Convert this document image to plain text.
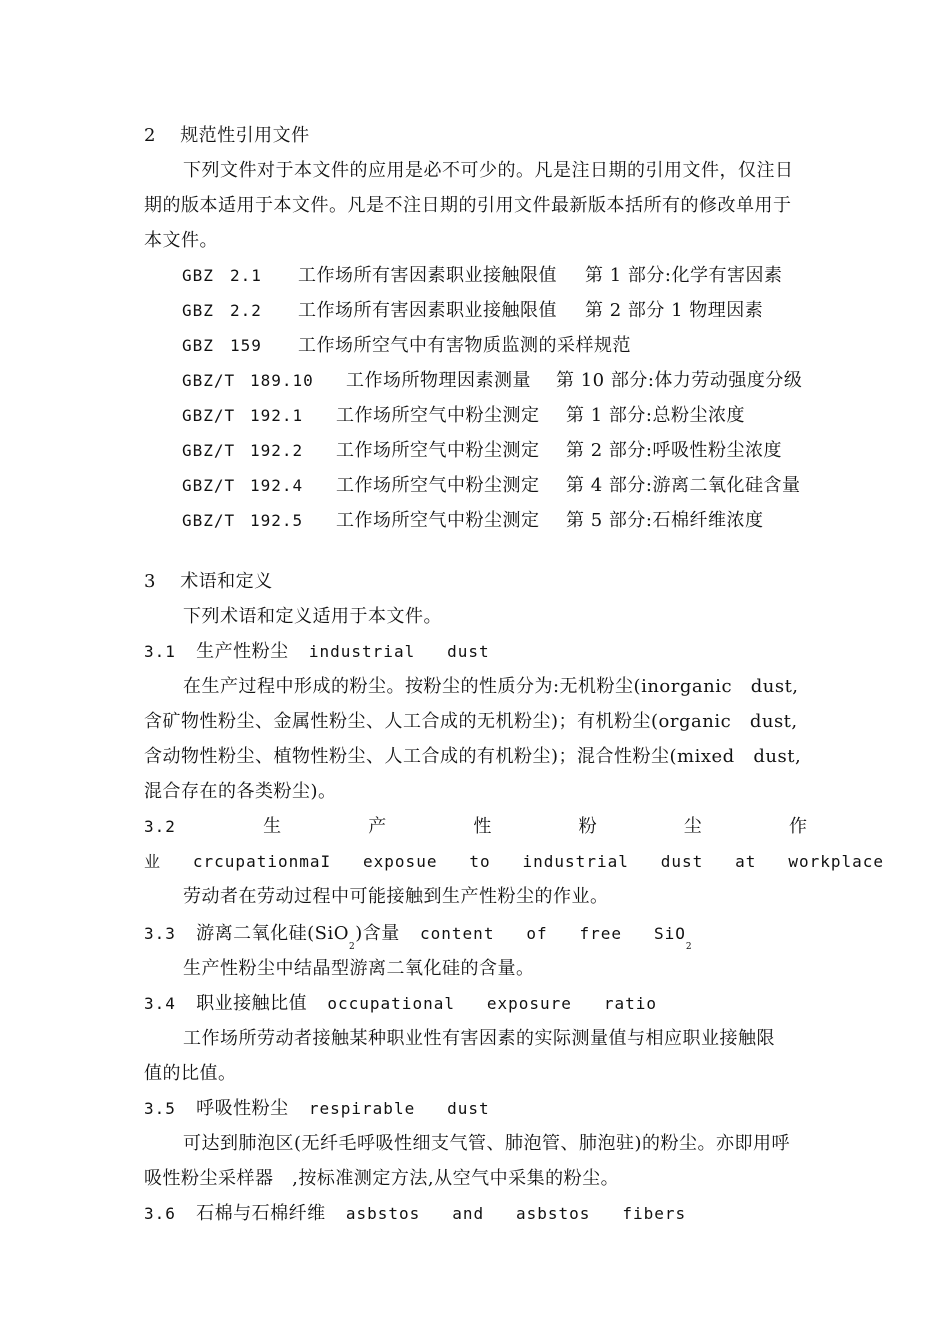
2 规范性引用文件
下列文件对于本文件的应用是必不可少的。凡是注日期的引用文件，仅注日
期的版本适用于本文件。凡是不注日期的引用文件最新版本括所有的修改单用于
本文件。
GBZ 2.1 工作场所有害因素职业接触限值 第 1 部分:化学有害因素
GBZ 2.2 工作场所有害因素职业接触限值 第 2 部分 1 物理因素
GBZ 159 工作场所空气中有害物质监测的采样规范
GBZ/T 189.10 工作场所物理因素测量 第 10 部分:体力劳动强度分级
GBZ/T 192.1 工作场所空气中粉尘测定 第 1 部分:总粉尘浓度
GBZ/T 192.2 工作场所空气中粉尘测定 第 2 部分:呼吸性粉尘浓度
GBZ/T 192.4 工作场所空气中粉尘测定 第 4 部分:游离二氧化硅含量
GBZ/T 192.5 工作场所空气中粉尘测定 第 5 部分:石棉纤维浓度
3 术语和定义
下列术语和定义适用于本文件。
3.1 生产性粉尘 industrial   dust
在生产过程中形成的粉尘。按粉尘的性质分为:无机粉尘(inorganic   dust,
含矿物性粉尘、金属性粉尘、人工合成的无机粉尘)；有机粉尘(organic   dust,
含动物性粉尘、植物性粉尘、人工合成的有机粉尘)；混合性粉尘(mixed   dust,
混合存在的各类粉尘)。
3.2	生	产	性	粉	尘	作
业   crcupationmaI   exposue   to   industrial   dust   at   workplace
劳动者在劳动过程中可能接触到生产性粉尘的作业。
3.3 游离二氧化硅(SiO$_2$)含量 content   of   free   SiO$_2$
生产性粉尘中结晶型游离二氧化硅的含量。
3.4 职业接触比值 occupational   exposure   ratio
工作场所劳动者接触某种职业性有害因素的实际测量值与相应职业接触限
值的比值。
3.5 呼吸性粉尘 respirable   dust
可达到肺泡区(无纤毛呼吸性细支气管、肺泡管、肺泡驻)的粉尘。亦即用呼
吸性粉尘采样器   ,按标准测定方法,从空气中采集的粉尘。
3.6 石棉与石棉纤维 asbstos   and   asbstos   fibers
